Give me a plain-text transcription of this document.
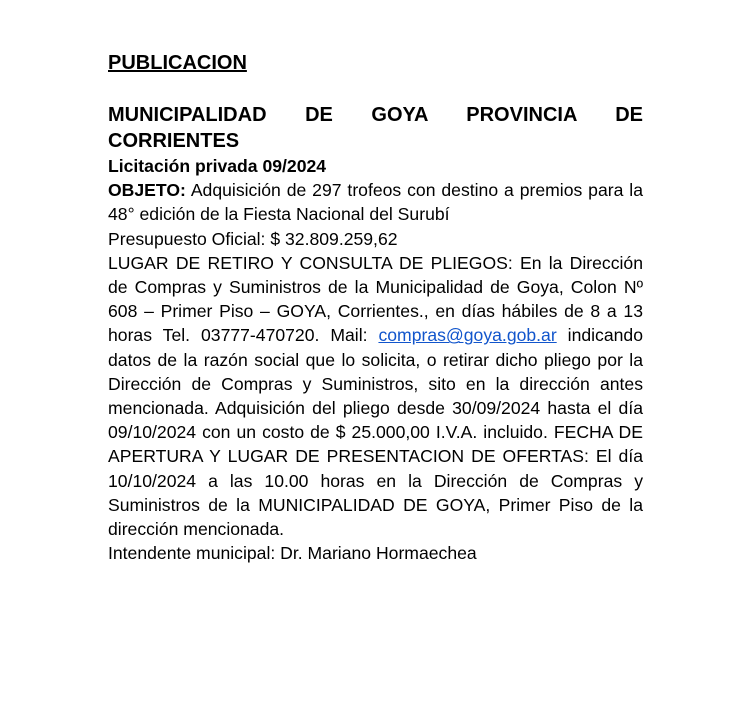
PUBLICACION

MUNICIPALIDAD DE GOYA PROVINCIA DE CORRIENTES

Licitación privada 09/2024

OBJETO: Adquisición de 297 trofeos con destino a premios para la 48° edición de la Fiesta Nacional del Surubí

Presupuesto Oficial: $ 32.809.259,62

LUGAR DE RETIRO Y CONSULTA DE PLIEGOS: En la Dirección de Compras y Suministros de la Municipalidad de Goya, Colon Nº 608 – Primer Piso – GOYA, Corrientes., en días hábiles de 8 a 13 horas Tel. 03777-470720. Mail: compras@goya.gob.ar indicando datos de la razón social que lo solicita, o retirar dicho pliego por la Dirección de Compras y Suministros, sito en la dirección antes mencionada. Adquisición del pliego desde 30/09/2024 hasta el día 09/10/2024 con un costo de $ 25.000,00 I.V.A. incluido. FECHA DE APERTURA Y LUGAR DE PRESENTACION DE OFERTAS: El día 10/10/2024 a las 10.00 horas en la Dirección de Compras y Suministros de la MUNICIPALIDAD DE GOYA, Primer Piso de la dirección mencionada.

Intendente municipal: Dr. Mariano Hormaechea
